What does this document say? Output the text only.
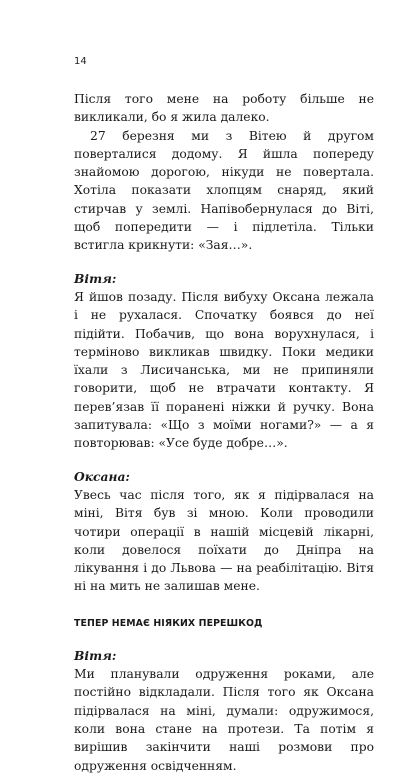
14

Після того мене на роботу більше не викликали, бо я жила далеко.

27 березня ми з Вітею й другом поверталися додому. Я йшла попереду знайомою дорогою, нікуди не повертала. Хотіла показати хлопцям снаряд, який стирчав у землі. Напівобернулася до Віті, щоб попередити — і підлетіла. Тільки встигла крикнути: «Зая…».

Вітя:

Я йшов позаду. Після вибуху Оксана лежала і не рухалася. Спочатку боявся до неї підійти. Побачив, що вона ворухнулася, і терміново викликав швидку. Поки медики їхали з Лисичанська, ми не припиняли говорити, щоб не втрачати контакту. Я перев’язав її поранені ніжки й ручку. Вона запитувала: «Що з моїми ногами?» — а я повторював: «Усе буде добре…».

Оксана:

Увесь час після того, як я підірвалася на міні, Вітя був зі мною. Коли проводили чотири операції в нашій місцевій лікарні, коли довелося поїхати до Дніпра на лікування і до Львова — на реабілітацію. Вітя ні на мить не залишав мене.

ТЕПЕР НЕМАЄ НІЯКИХ ПЕРЕШКОД
Вітя:

Ми планували одруження роками, але постійно відкладали. Після того як Оксана підірвалася на міні, думали: одружимося, коли вона стане на протези. Та потім я вирішив закінчити наші розмови про одруження освідченням.
